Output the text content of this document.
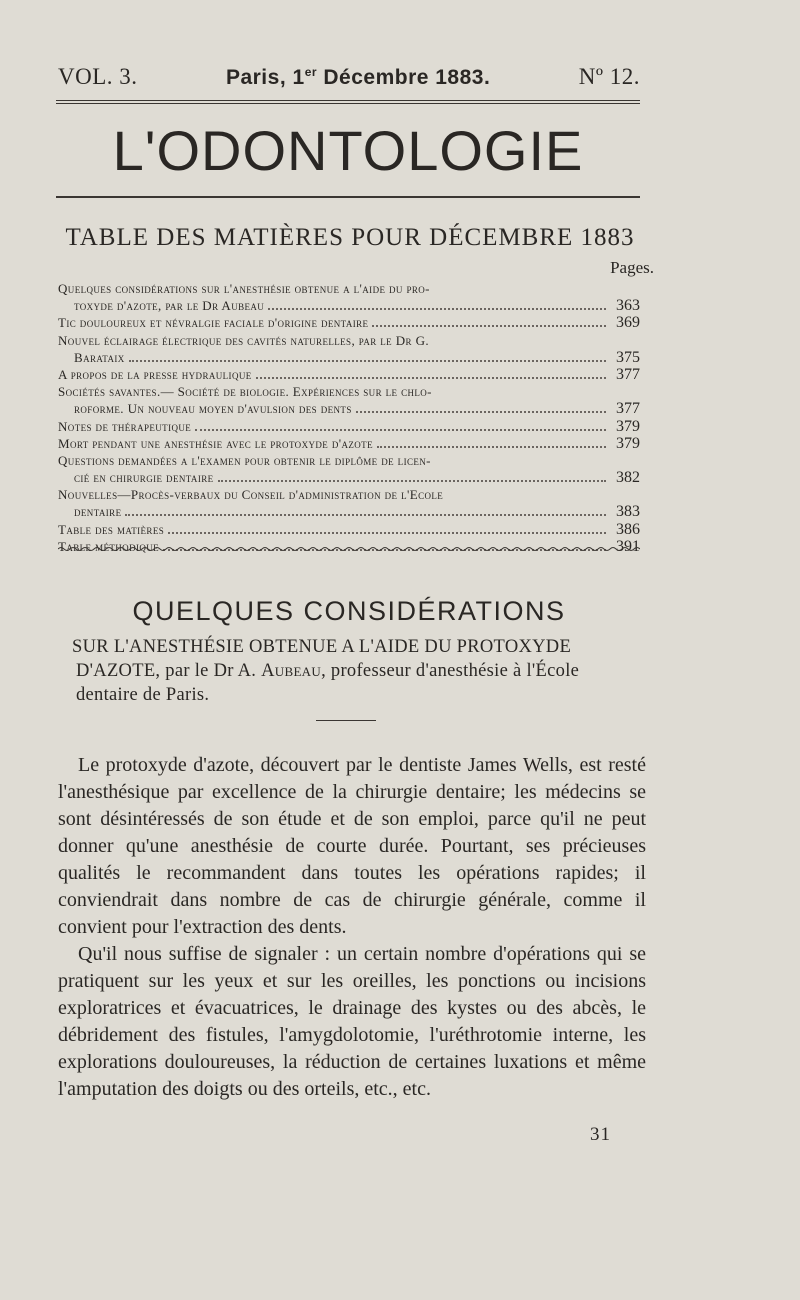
VOL. 3.	Paris, 1er Décembre 1883.	Nº 12.
L'ODONTOLOGIE
TABLE DES MATIÈRES POUR DÉCEMBRE 1883
Pages.
Quelques considérations sur l'anesthésie obtenue a l'aide du pro-
toxyde d'azote, par le Dr Aubeau	363
Tic douloureux et névralgie faciale d'origine dentaire	369
Nouvel éclairage électrique des cavités naturelles, par le Dr G.
Barataix	375
A propos de la presse hydraulique	377
Sociétés savantes.— Société de biologie. Expériences sur le chlo-
roforme. Un nouveau moyen d'avulsion des dents	377
Notes de thérapeutique	379
Mort pendant une anesthésie avec le protoxyde d'azote	379
Questions demandées a l'examen pour obtenir le diplôme de licen-
cié en chirurgie dentaire	382
Nouvelles—Procès-verbaux du Conseil d'administration de l'Ecole
dentaire	383
Table des matières	386
Table méthodique	391
QUELQUES CONSIDÉRATIONS
SUR L'ANESTHÉSIE OBTENUE A L'AIDE DU PROTOXYDE D'AZOTE, par le Dr A. Aubeau, professeur d'anesthésie à l'École dentaire de Paris.

Le protoxyde d'azote, découvert par le dentiste James Wells, est resté l'anesthésique par excellence de la chirurgie dentaire; les médecins se sont désintéressés de son étude et de son emploi, parce qu'il ne peut donner qu'une anesthésie de courte durée. Pourtant, ses précieuses qualités le recommandent dans toutes les opérations rapides; il conviendrait dans nombre de cas de chirurgie générale, comme il convient pour l'extraction des dents.

Qu'il nous suffise de signaler : un certain nombre d'opérations qui se pratiquent sur les yeux et sur les oreilles, les ponctions ou incisions exploratrices et évacuatrices, le drainage des kystes ou des abcès, le débridement des fistules, l'amygdolotomie, l'uréthrotomie interne, les explorations douloureuses, la réduction de certaines luxations et même l'amputation des doigts ou des orteils, etc., etc.

31
